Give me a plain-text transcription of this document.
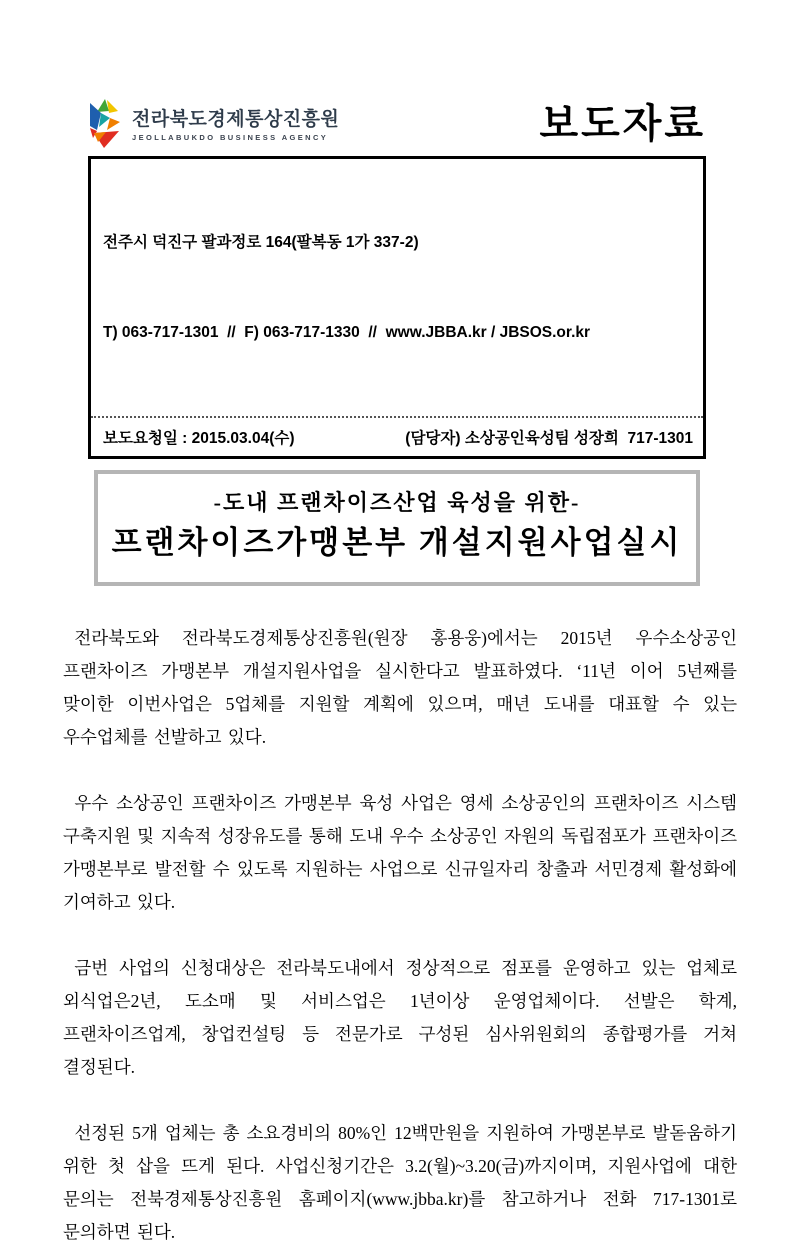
전라북도경제통상진흥원
JEOLLABUKDO BUSINESS AGENCY	보도자료

전주시 덕진구 팔과정로 164(팔복동 1가 337-2)

T) 063-717-1301  //  F) 063-717-1330  //  www.JBBA.kr / JBSOS.or.kr

보도요청일 : 2015.03.04(수)	(담당자) 소상공인육성팀 성장희  717-1301
-도내 프랜차이즈산업 육성을 위한-
프랜차이즈가맹본부 개설지원사업실시

전라북도와 전라북도경제통상진흥원(원장 홍용웅)에서는 2015년 우수소상공인 프랜차이즈 가맹본부 개설지원사업을 실시한다고 발표하였다. ‘11년 이어 5년째를 맞이한 이번사업은 5업체를 지원할 계획에 있으며, 매년 도내를 대표할 수 있는 우수업체를 선발하고 있다.

우수 소상공인 프랜차이즈 가맹본부 육성 사업은 영세 소상공인의 프랜차이즈 시스템 구축지원 및 지속적 성장유도를 통해 도내 우수 소상공인 자원의 독립점포가 프랜차이즈 가맹본부로 발전할 수 있도록 지원하는 사업으로 신규일자리 창출과 서민경제 활성화에 기여하고 있다.

금번 사업의 신청대상은 전라북도내에서 정상적으로 점포를 운영하고 있는 업체로 외식업은2년, 도소매 및 서비스업은 1년이상 운영업체이다. 선발은 학계, 프랜차이즈업계, 창업컨설팅 등 전문가로 구성된 심사위원회의 종합평가를 거쳐 결정된다.

선정된 5개 업체는 총 소요경비의 80%인 12백만원을 지원하여 가맹본부로 발돋움하기 위한 첫 삽을 뜨게 된다. 사업신청기간은 3.2(월)~3.20(금)까지이며, 지원사업에 대한 문의는 전북경제통상진흥원 홈페이지(www.jbba.kr)를 참고하거나 전화 717-1301로 문의하면 된다.
